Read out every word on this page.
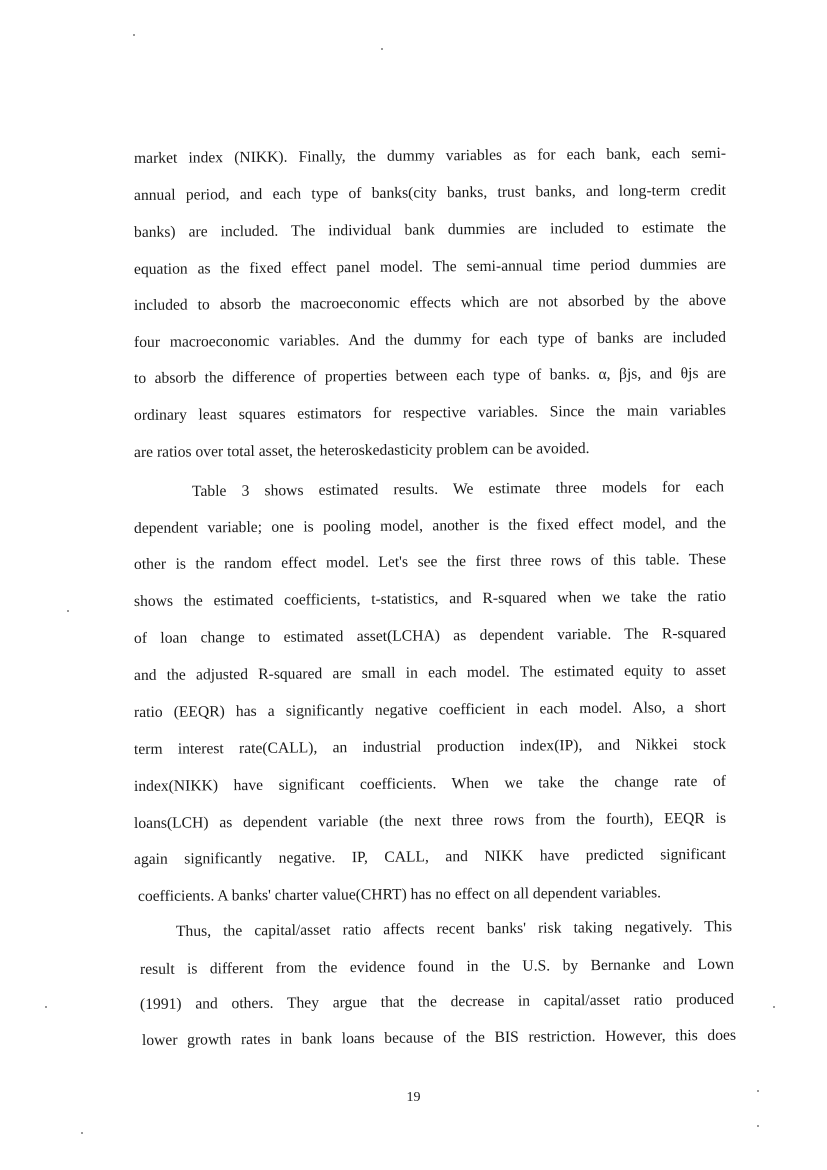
market index (NIKK). Finally, the dummy variables as for each bank, each semi-
annual period, and each type of banks(city banks, trust banks, and long-term credit
banks) are included. The individual bank dummies are included to estimate the
equation as the fixed effect panel model. The semi-annual time period dummies are
included to absorb the macroeconomic effects which are not absorbed by the above
four macroeconomic variables. And the dummy for each type of banks are included
to absorb the difference of properties between each type of banks. α, βjs, and θjs are
ordinary least squares estimators for respective variables. Since the main variables
are ratios over total asset, the heteroskedasticity problem can be avoided.
Table 3 shows estimated results. We estimate three models for each
dependent variable; one is pooling model, another is the fixed effect model, and the
other is the random effect model. Let's see the first three rows of this table. These
shows the estimated coefficients, t-statistics, and R-squared when we take the ratio
of loan change to estimated asset(LCHA) as dependent variable. The R-squared
and the adjusted R-squared are small in each model. The estimated equity to asset
ratio (EEQR) has a significantly negative coefficient in each model. Also, a short
term interest rate(CALL), an industrial production index(IP), and Nikkei stock
index(NIKK) have significant coefficients. When we take the change rate of
loans(LCH) as dependent variable (the next three rows from the fourth), EEQR is
again significantly negative. IP, CALL, and NIKK have predicted significant
coefficients. A banks' charter value(CHRT) has no effect on all dependent variables.
Thus, the capital/asset ratio affects recent banks' risk taking negatively. This
result is different from the evidence found in the U.S. by Bernanke and Lown
(1991) and others. They argue that the decrease in capital/asset ratio produced
lower growth rates in bank loans because of the BIS restriction. However, this does
19
